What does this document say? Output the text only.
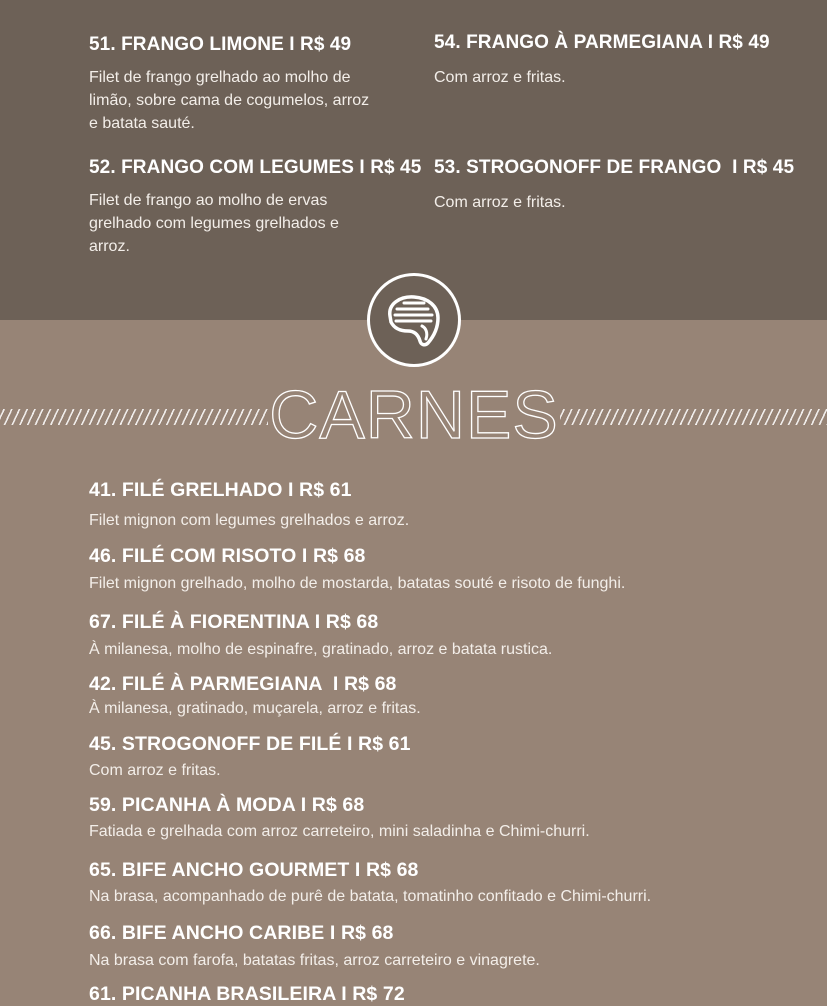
51. FRANGO LIMONE I R$ 49
Filet de frango grelhado ao molho de limão, sobre cama de cogumelos, arroz e batata sauté.
54. FRANGO À PARMEGIANA I R$ 49
Com arroz e fritas.
52. FRANGO COM LEGUMES I R$ 45
Filet de frango ao molho de ervas grelhado com legumes grelhados e arroz.
53. STROGONOFF DE FRANGO  I R$ 45
Com arroz e fritas.
CARNES
41. FILÉ GRELHADO I R$ 61
Filet mignon com legumes grelhados e arroz.
46. FILÉ COM RISOTO I R$ 68
Filet mignon grelhado, molho de mostarda, batatas souté e risoto de funghi.
67. FILÉ À FIORENTINA I R$ 68
À milanesa, molho de espinafre, gratinado, arroz e batata rustica.
42. FILÉ À PARMEGIANA  I R$ 68
À milanesa, gratinado, muçarela, arroz e fritas.
45. STROGONOFF DE FILÉ I R$ 61
Com arroz e fritas.
59. PICANHA À MODA I R$ 68
Fatiada e grelhada com arroz carreteiro, mini saladinha e Chimi-churri.
65. BIFE ANCHO GOURMET I R$ 68
Na brasa, acompanhado de purê de batata, tomatinho confitado e Chimi-churri.
66. BIFE ANCHO CARIBE I R$ 68
Na brasa com farofa, batatas fritas, arroz carreteiro e vinagrete.
61. PICANHA BRASILEIRA I R$ 72
